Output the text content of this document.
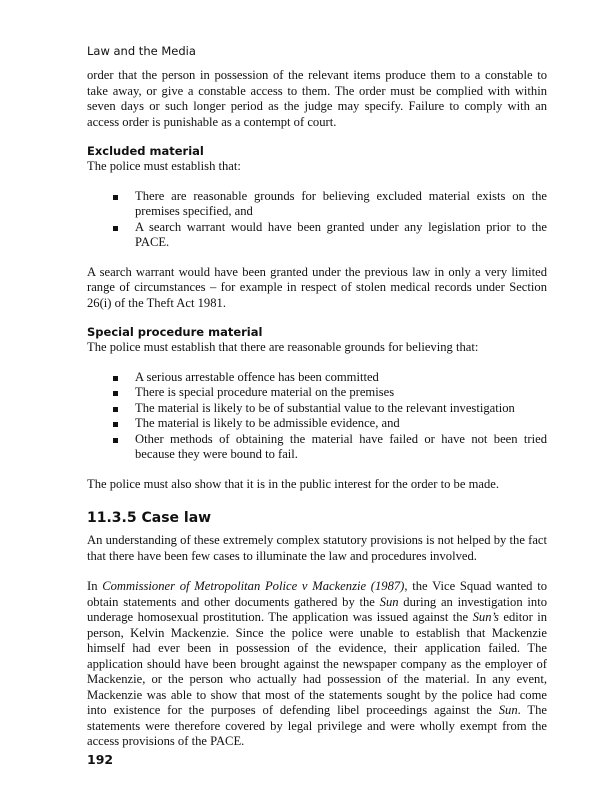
Law and the Media

order that the person in possession of the relevant items produce them to a constable to take away, or give a constable access to them. The order must be complied with within seven days or such longer period as the judge may specify. Failure to comply with an access order is punishable as a contempt of court.

Excluded material

The police must establish that:

There are reasonable grounds for believing excluded material exists on the premises specified, and
A search warrant would have been granted under any legislation prior to the PACE.

A search warrant would have been granted under the previous law in only a very limited range of circumstances – for example in respect of stolen medical records under Section 26(i) of the Theft Act 1981.

Special procedure material

The police must establish that there are reasonable grounds for believing that:

A serious arrestable offence has been committed
There is special procedure material on the premises
The material is likely to be of substantial value to the relevant investigation
The material is likely to be admissible evidence, and
Other methods of obtaining the material have failed or have not been tried because they were bound to fail.

The police must also show that it is in the public interest for the order to be made.

11.3.5 Case law

An understanding of these extremely complex statutory provisions is not helped by the fact that there have been few cases to illuminate the law and procedures involved.

In Commissioner of Metropolitan Police v Mackenzie (1987), the Vice Squad wanted to obtain statements and other documents gathered by the Sun during an investigation into underage homosexual prostitution. The application was issued against the Sun’s editor in person, Kelvin Mackenzie. Since the police were unable to establish that Mackenzie himself had ever been in possession of the evidence, their application failed. The application should have been brought against the newspaper company as the employer of Mackenzie, or the person who actually had possession of the material. In any event, Mackenzie was able to show that most of the statements sought by the police had come into existence for the purposes of defending libel proceedings against the Sun. The statements were therefore covered by legal privilege and were wholly exempt from the access provisions of the PACE.

192
